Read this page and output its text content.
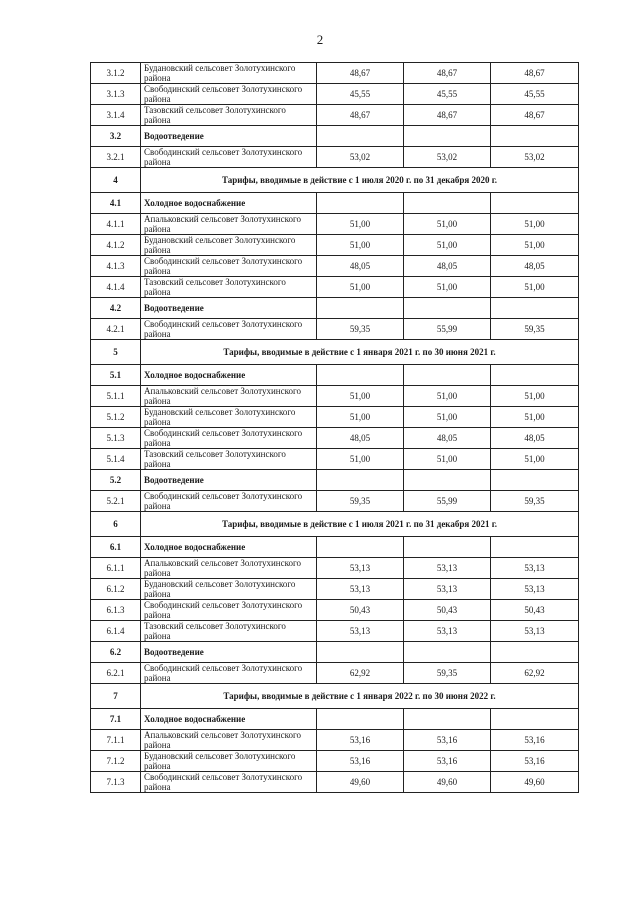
2
3.1.2	Будановский сельсовет Золотухинского района	48,67	48,67	48,67
3.1.3	Свободинский сельсовет Золотухинского района	45,55	45,55	45,55
3.1.4	Тазовский сельсовет Золотухинского района	48,67	48,67	48,67
3.2	Водоотведение			
3.2.1	Свободинский сельсовет Золотухинского района	53,02	53,02	53,02
4	Тарифы, вводимые в действие с 1 июля 2020 г. по 31 декабря 2020 г.			
4.1	Холодное водоснабжение			
4.1.1	Апальковский сельсовет Золотухинского района	51,00	51,00	51,00
4.1.2	Будановский сельсовет Золотухинского района	51,00	51,00	51,00
4.1.3	Свободинский сельсовет Золотухинского района	48,05	48,05	48,05
4.1.4	Тазовский сельсовет Золотухинского района	51,00	51,00	51,00
4.2	Водоотведение			
4.2.1	Свободинский сельсовет Золотухинского района	59,35	55,99	59,35
5	Тарифы, вводимые в действие с 1 января 2021 г. по 30 июня 2021 г.			
5.1	Холодное водоснабжение			
5.1.1	Апальковский сельсовет Золотухинского района	51,00	51,00	51,00
5.1.2	Будановский сельсовет Золотухинского района	51,00	51,00	51,00
5.1.3	Свободинский сельсовет Золотухинского района	48,05	48,05	48,05
5.1.4	Тазовский сельсовет Золотухинского района	51,00	51,00	51,00
5.2	Водоотведение			
5.2.1	Свободинский сельсовет Золотухинского района	59,35	55,99	59,35
6	Тарифы, вводимые в действие с 1 июля 2021 г. по 31 декабря 2021 г.			
6.1	Холодное водоснабжение			
6.1.1	Апальковский сельсовет Золотухинского района	53,13	53,13	53,13
6.1.2	Будановский сельсовет Золотухинского района	53,13	53,13	53,13
6.1.3	Свободинский сельсовет Золотухинского района	50,43	50,43	50,43
6.1.4	Тазовский сельсовет Золотухинского района	53,13	53,13	53,13
6.2	Водоотведение			
6.2.1	Свободинский сельсовет Золотухинского района	62,92	59,35	62,92
7	Тарифы, вводимые в действие с 1 января 2022 г. по 30 июня 2022 г.			
7.1	Холодное водоснабжение			
7.1.1	Апальковский сельсовет Золотухинского района	53,16	53,16	53,16
7.1.2	Будановский сельсовет Золотухинского района	53,16	53,16	53,16
7.1.3	Свободинский сельсовет Золотухинского района	49,60	49,60	49,60
